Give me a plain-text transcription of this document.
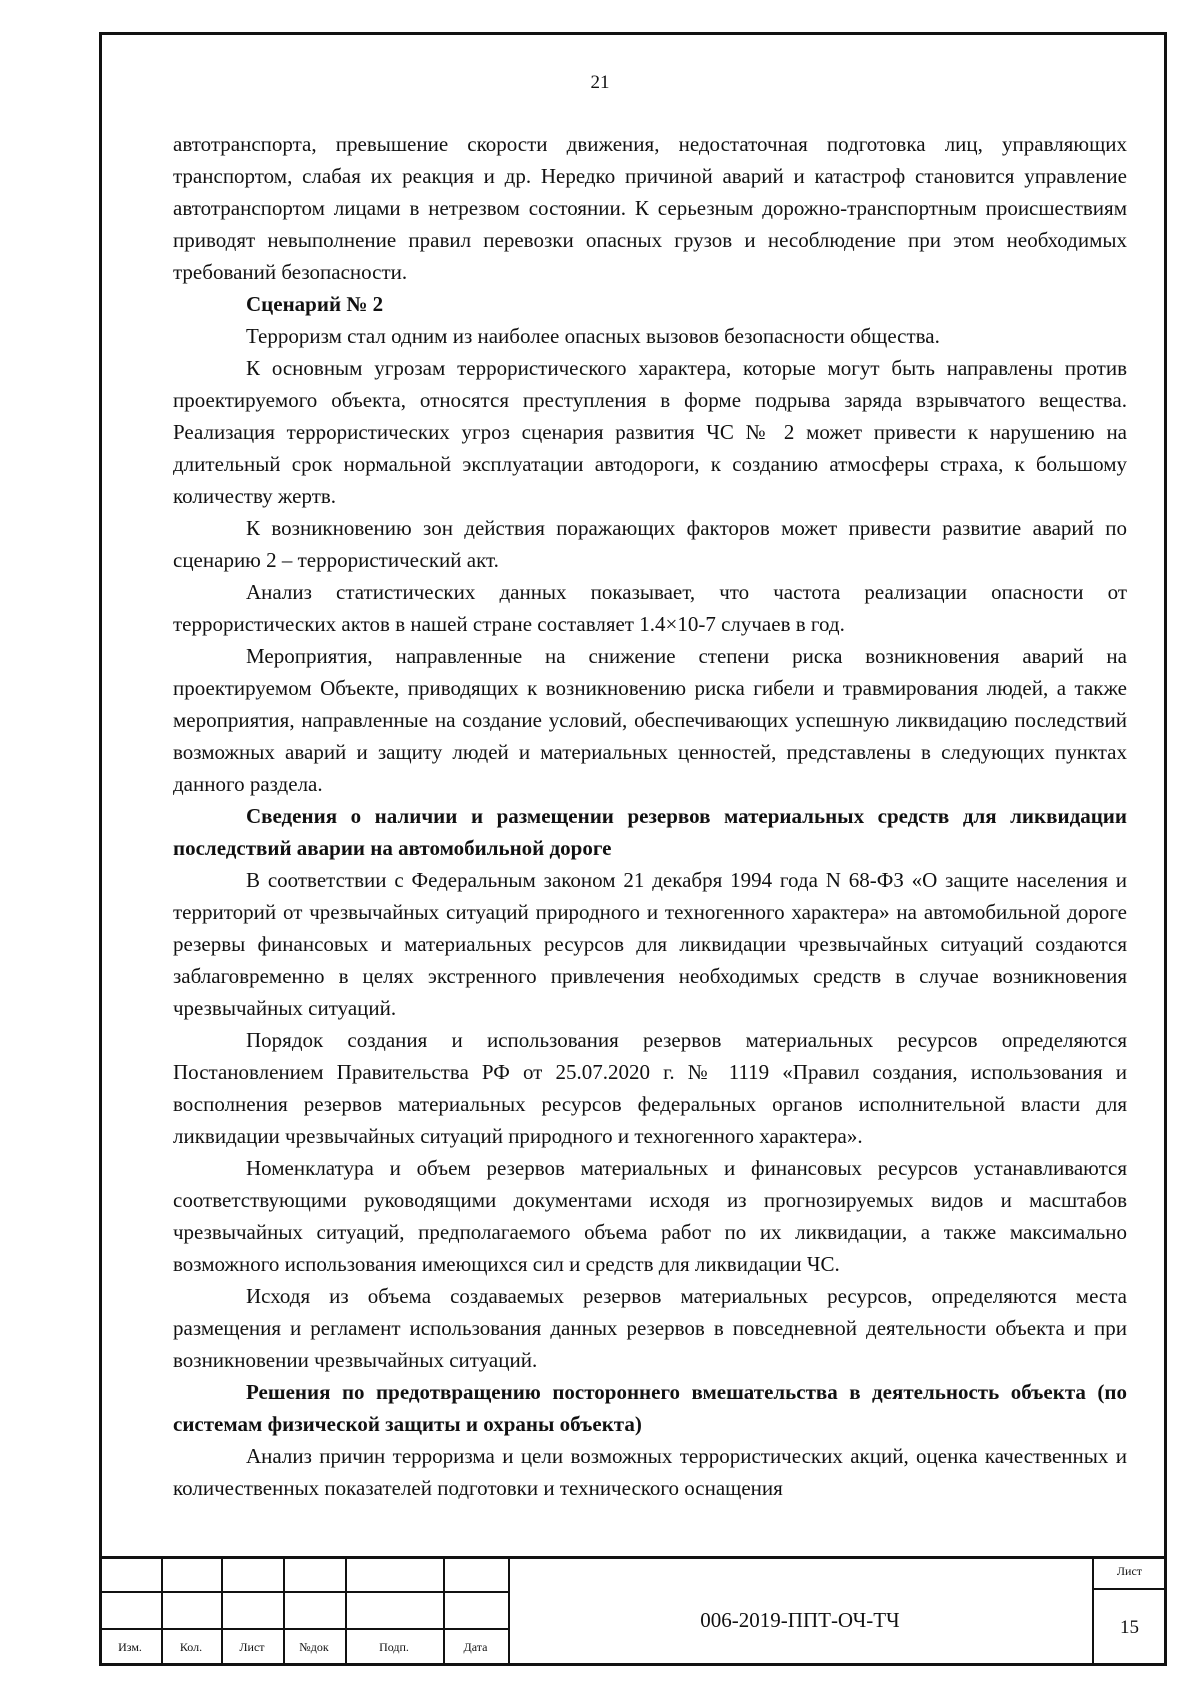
21

автотранспорта, превышение скорости движения, недостаточная подготовка лиц, управляющих транспортом, слабая их реакция и др. Нередко причиной аварий и катастроф становится управление автотранспортом лицами в нетрезвом состоянии. К серьезным дорожно-транспортным происшествиям приводят невыполнение правил перевозки опасных грузов и несоблюдение при этом необходимых требований безопасности.

Сценарий № 2

Терроризм стал одним из наиболее опасных вызовов безопасности общества.

К основным угрозам террористического характера, которые могут быть направлены против проектируемого объекта, относятся преступления в форме подрыва заряда взрывчатого вещества. Реализация террористических угроз сценария развития ЧС № 2 может привести к нарушению на длительный срок нормальной эксплуатации автодороги, к созданию атмосферы страха, к большому количеству жертв.

К возникновению зон действия поражающих факторов может привести развитие аварий по сценарию 2 – террористический акт.

Анализ статистических данных показывает, что частота реализации опасности от террористических актов в нашей стране составляет 1.4×10-7 случаев в год.

Мероприятия, направленные на снижение степени риска возникновения аварий на проектируемом Объекте, приводящих к возникновению риска гибели и травмирования людей, а также мероприятия, направленные на создание условий, обеспечивающих успешную ликвидацию последствий возможных аварий и защиту людей и материальных ценностей, представлены в следующих пунктах данного раздела.

Сведения о наличии и размещении резервов материальных средств для ликвидации последствий аварии на автомобильной дороге

В соответствии с Федеральным законом 21 декабря 1994 года N 68-ФЗ «О защите населения и территорий от чрезвычайных ситуаций природного и техногенного характера» на автомобильной дороге резервы финансовых и материальных ресурсов для ликвидации чрезвычайных ситуаций создаются заблаговременно в целях экстренного привлечения необходимых средств в случае возникновения чрезвычайных ситуаций.

Порядок создания и использования резервов материальных ресурсов определяются Постановлением Правительства РФ от 25.07.2020 г. № 1119 «Правил создания, использования и восполнения резервов материальных ресурсов федеральных органов исполнительной власти для ликвидации чрезвычайных ситуаций природного и техногенного характера».

Номенклатура и объем резервов материальных и финансовых ресурсов устанавливаются соответствующими руководящими документами исходя из прогнозируемых видов и масштабов чрезвычайных ситуаций, предполагаемого объема работ по их ликвидации, а также максимально возможного использования имеющихся сил и средств для ликвидации ЧС.

Исходя из объема создаваемых резервов материальных ресурсов, определяются места размещения и регламент использования данных резервов в повседневной деятельности объекта и при возникновении чрезвычайных ситуаций.

Решения по предотвращению постороннего вмешательства в деятельность объекта (по системам физической защиты и охраны объекта)

Анализ причин терроризма и цели возможных террористических акций, оценка качественных и количественных показателей подготовки и технического оснащения

Изм.	Кол.	Лист	№док	Подп.	Дата
006-2019-ППТ-ОЧ-ТЧ
Лист
15
